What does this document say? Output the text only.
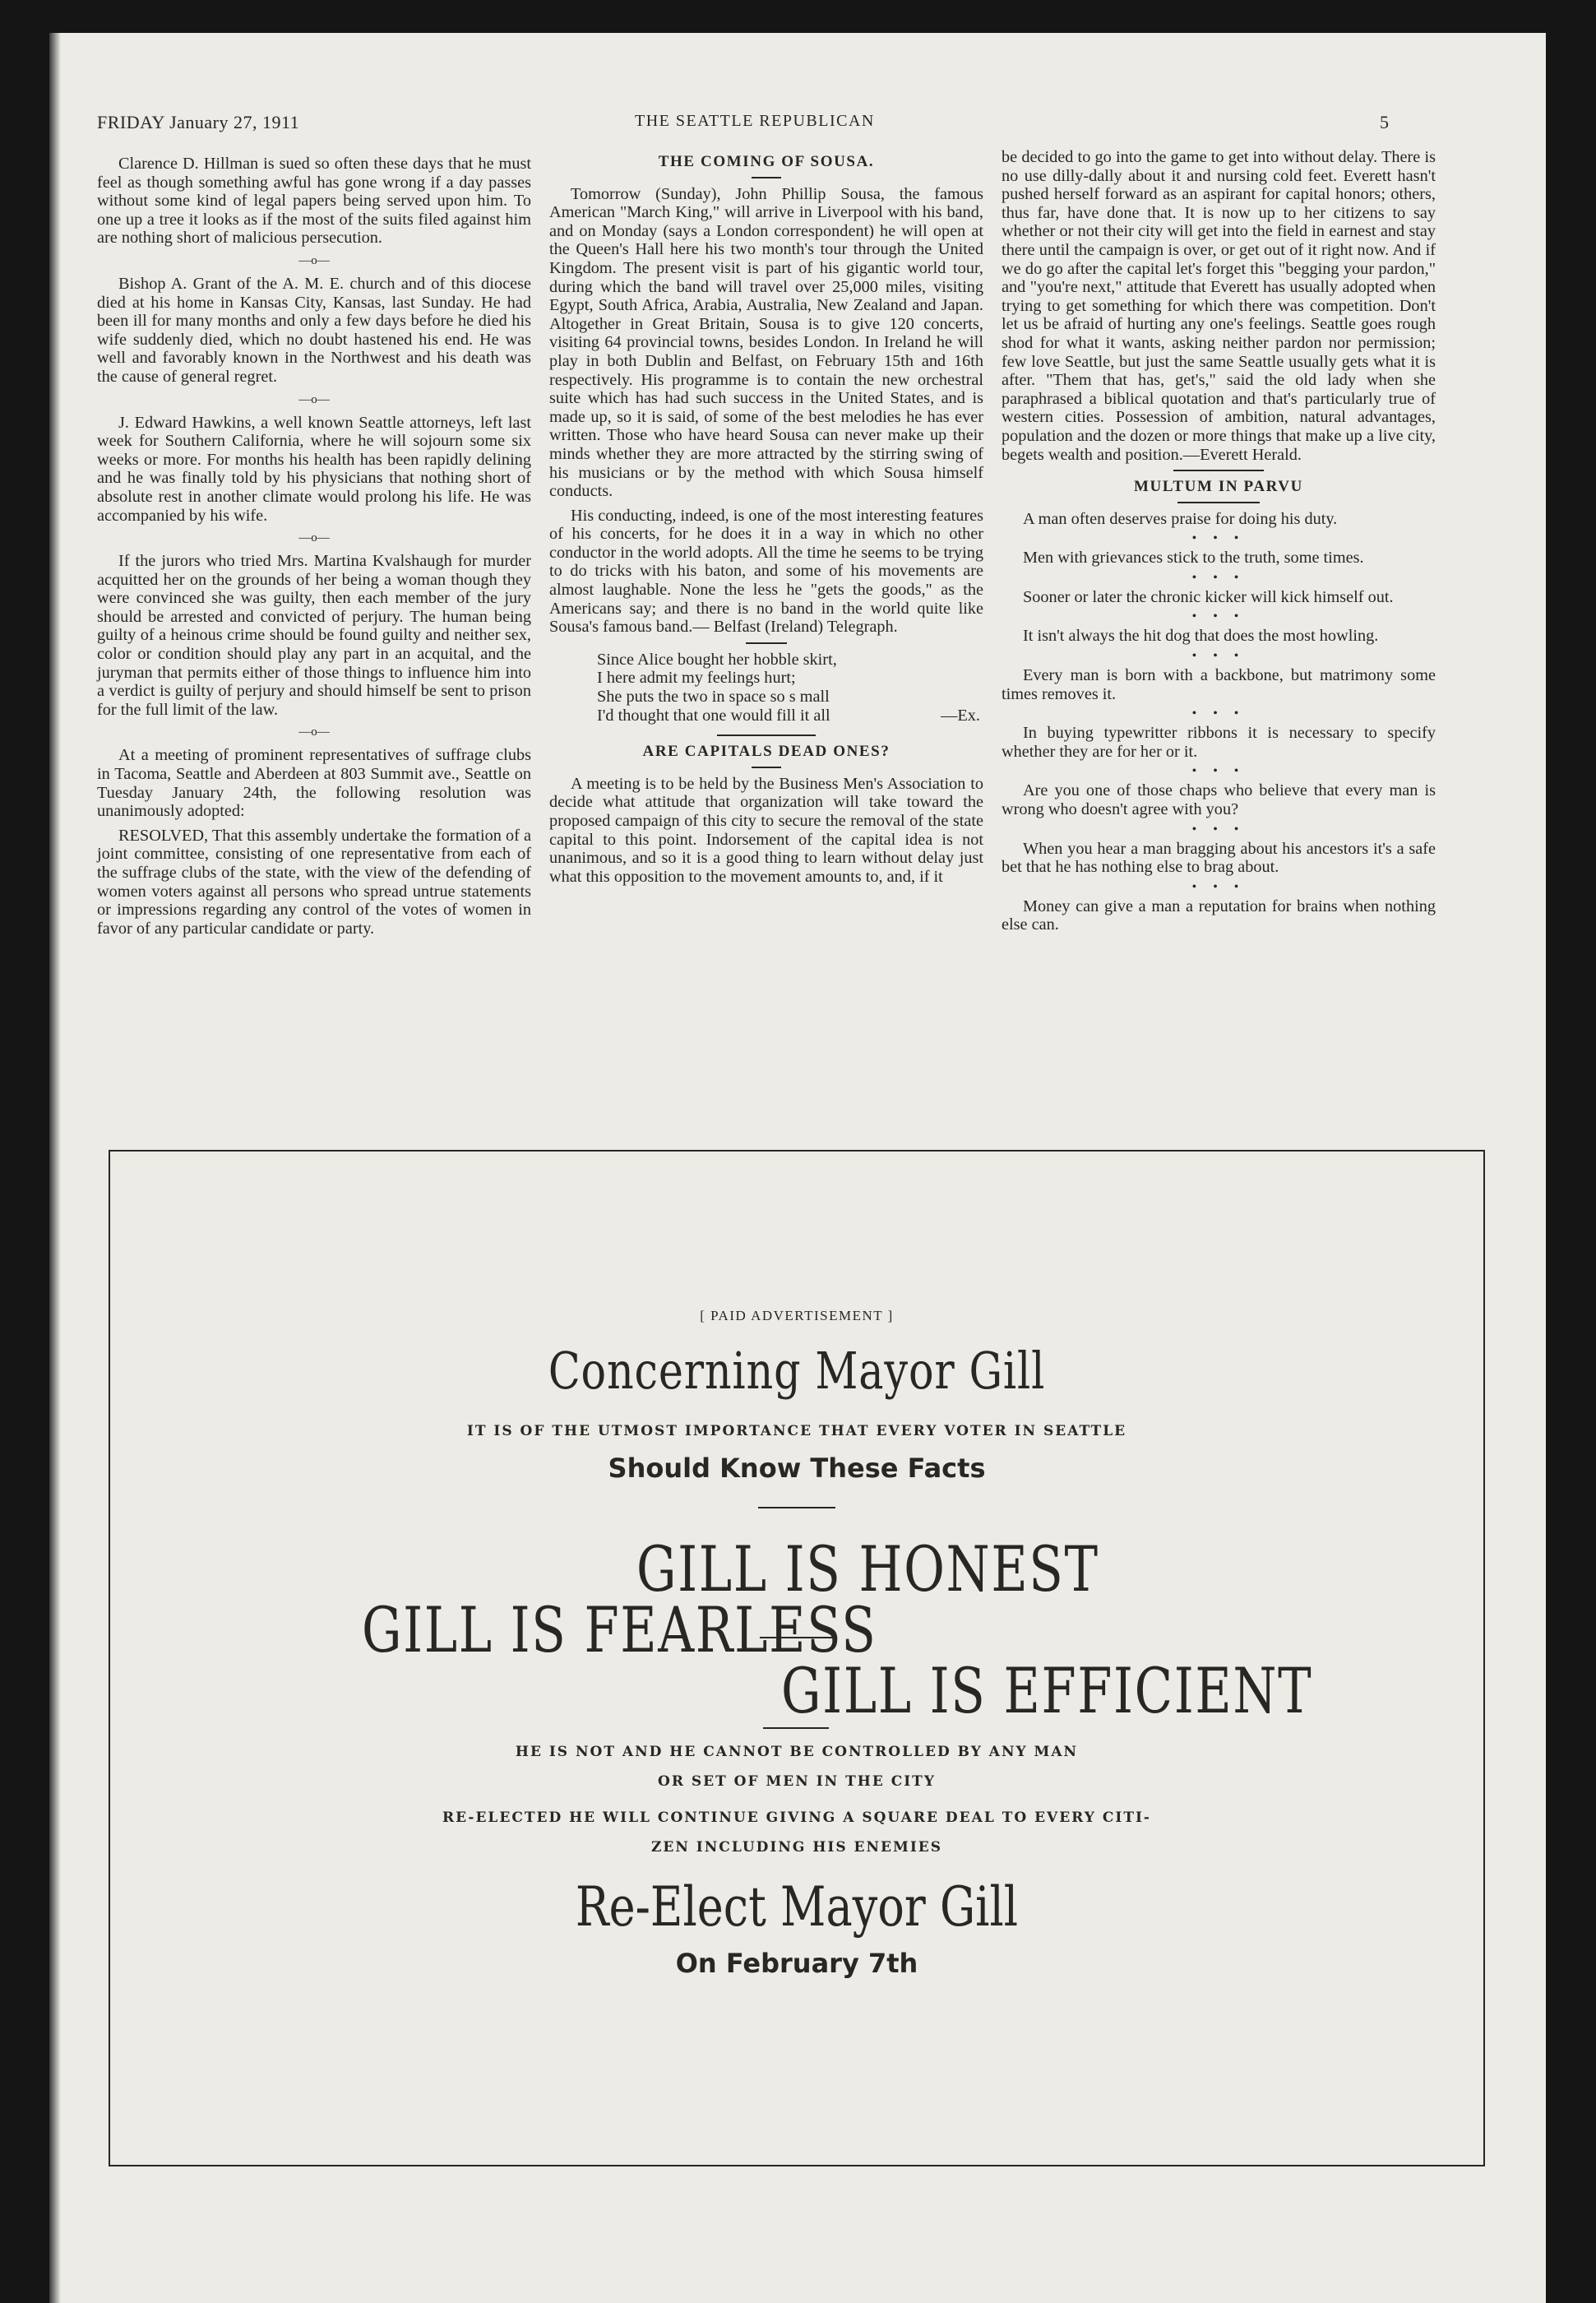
FRIDAY January 27, 1911	THE SEATTLE REPUBLICAN	5

Clarence D. Hillman is sued so often these days that he must feel as though something awful has gone wrong if a day passes without some kind of legal papers being served upon him. To one up a tree it looks as if the most of the suits filed against him are nothing short of malicious persecution.

—o—

Bishop A. Grant of the A. M. E. church and of this diocese died at his home in Kansas City, Kansas, last Sunday. He had been ill for many months and only a few days before he died his wife suddenly died, which no doubt hastened his end. He was well and favorably known in the Northwest and his death was the cause of general regret.

—o—

J. Edward Hawkins, a well known Seattle attorneys, left last week for Southern California, where he will sojourn some six weeks or more. For months his health has been rapidly delining and he was finally told by his physicians that nothing short of absolute rest in another climate would prolong his life. He was accompanied by his wife.

—o—

If the jurors who tried Mrs. Martina Kvalshaugh for murder acquitted her on the grounds of her being a woman though they were convinced she was guilty, then each member of the jury should be arrested and convicted of perjury. The human being guilty of a heinous crime should be found guilty and neither sex, color or condition should play any part in an acquital, and the juryman that permits either of those things to influence him into a verdict is guilty of perjury and should himself be sent to prison for the full limit of the law.

—o—

At a meeting of prominent representatives of suffrage clubs in Tacoma, Seattle and Aberdeen at 803 Summit ave., Seattle on Tuesday January 24th, the following resolution was unanimously adopted:

RESOLVED, That this assembly undertake the formation of a joint committee, consisting of one representative from each of the suffrage clubs of the state, with the view of the defending of women voters against all persons who spread untrue statements or impressions regarding any control of the votes of women in favor of any particular candidate or party.

THE COMING OF SOUSA.

Tomorrow (Sunday), John Phillip Sousa, the famous American "March King," will arrive in Liverpool with his band, and on Monday (says a London correspondent) he will open at the Queen's Hall here his two month's tour through the United Kingdom. The present visit is part of his gigantic world tour, during which the band will travel over 25,000 miles, visiting Egypt, South Africa, Arabia, Australia, New Zealand and Japan. Altogether in Great Britain, Sousa is to give 120 concerts, visiting 64 provincial towns, besides London. In Ireland he will play in both Dublin and Belfast, on February 15th and 16th respectively. His programme is to contain the new orchestral suite which has had such success in the United States, and is made up, so it is said, of some of the best melodies he has ever written. Those who have heard Sousa can never make up their minds whether they are more attracted by the stirring swing of his musicians or by the method with which Sousa himself conducts.

His conducting, indeed, is one of the most interesting features of his concerts, for he does it in a way in which no other conductor in the world adopts. All the time he seems to be trying to do tricks with his baton, and some of his movements are almost laughable. None the less he "gets the goods," as the Americans say; and there is no band in the world quite like Sousa's famous band.— Belfast (Ireland) Telegraph.

Since Alice bought her hobble skirt,
I here admit my feelings hurt;
She puts the two in space so s mall
I'd thought that one would fill it all	—Ex.
ARE CAPITALS DEAD ONES?

A meeting is to be held by the Business Men's Association to decide what attitude that organization will take toward the proposed campaign of this city to secure the removal of the state capital to this point. Indorsement of the capital idea is not unanimous, and so it is a good thing to learn without delay just what this opposition to the movement amounts to, and, if it

be decided to go into the game to get into without delay. There is no use dilly-dally about it and nursing cold feet. Everett hasn't pushed herself forward as an aspirant for capital honors; others, thus far, have done that. It is now up to her citizens to say whether or not their city will get into the field in earnest and stay there until the campaign is over, or get out of it right now. And if we do go after the capital let's forget this "begging your pardon," and "you're next," attitude that Everett has usually adopted when trying to get something for which there was competition. Don't let us be afraid of hurting any one's feelings. Seattle goes rough shod for what it wants, asking neither pardon nor permission; few love Seattle, but just the same Seattle usually gets what it is after. "Them that has, get's," said the old lady when she paraphrased a biblical quotation and that's particularly true of western cities. Possession of ambition, natural advantages, population and the dozen or more things that make up a live city, begets wealth and position.—Everett Herald.

MULTUM IN PARVU

A man often deserves praise for doing his duty.

• • •

Men with grievances stick to the truth, some times.

• • •

Sooner or later the chronic kicker will kick himself out.

• • •

It isn't always the hit dog that does the most howling.

• • •

Every man is born with a backbone, but matrimony some times removes it.

• • •

In buying typewritter ribbons it is necessary to specify whether they are for her or it.

• • •

Are you one of those chaps who believe that every man is wrong who doesn't agree with you?

• • •

When you hear a man bragging about his ancestors it's a safe bet that he has nothing else to brag about.

• • •

Money can give a man a reputation for brains when nothing else can.

[ PAID ADVERTISEMENT ]
Concerning Mayor Gill
IT IS OF THE UTMOST IMPORTANCE THAT EVERY VOTER IN SEATTLE
Should Know These Facts
GILL IS HONEST
GILL IS FEARLESS
GILL IS EFFICIENT
HE IS NOT AND HE CANNOT BE CONTROLLED BY ANY MAN
OR SET OF MEN IN THE CITY
RE-ELECTED HE WILL CONTINUE GIVING A SQUARE DEAL TO EVERY CITI-
ZEN INCLUDING HIS ENEMIES
Re-Elect Mayor Gill
On February 7th
